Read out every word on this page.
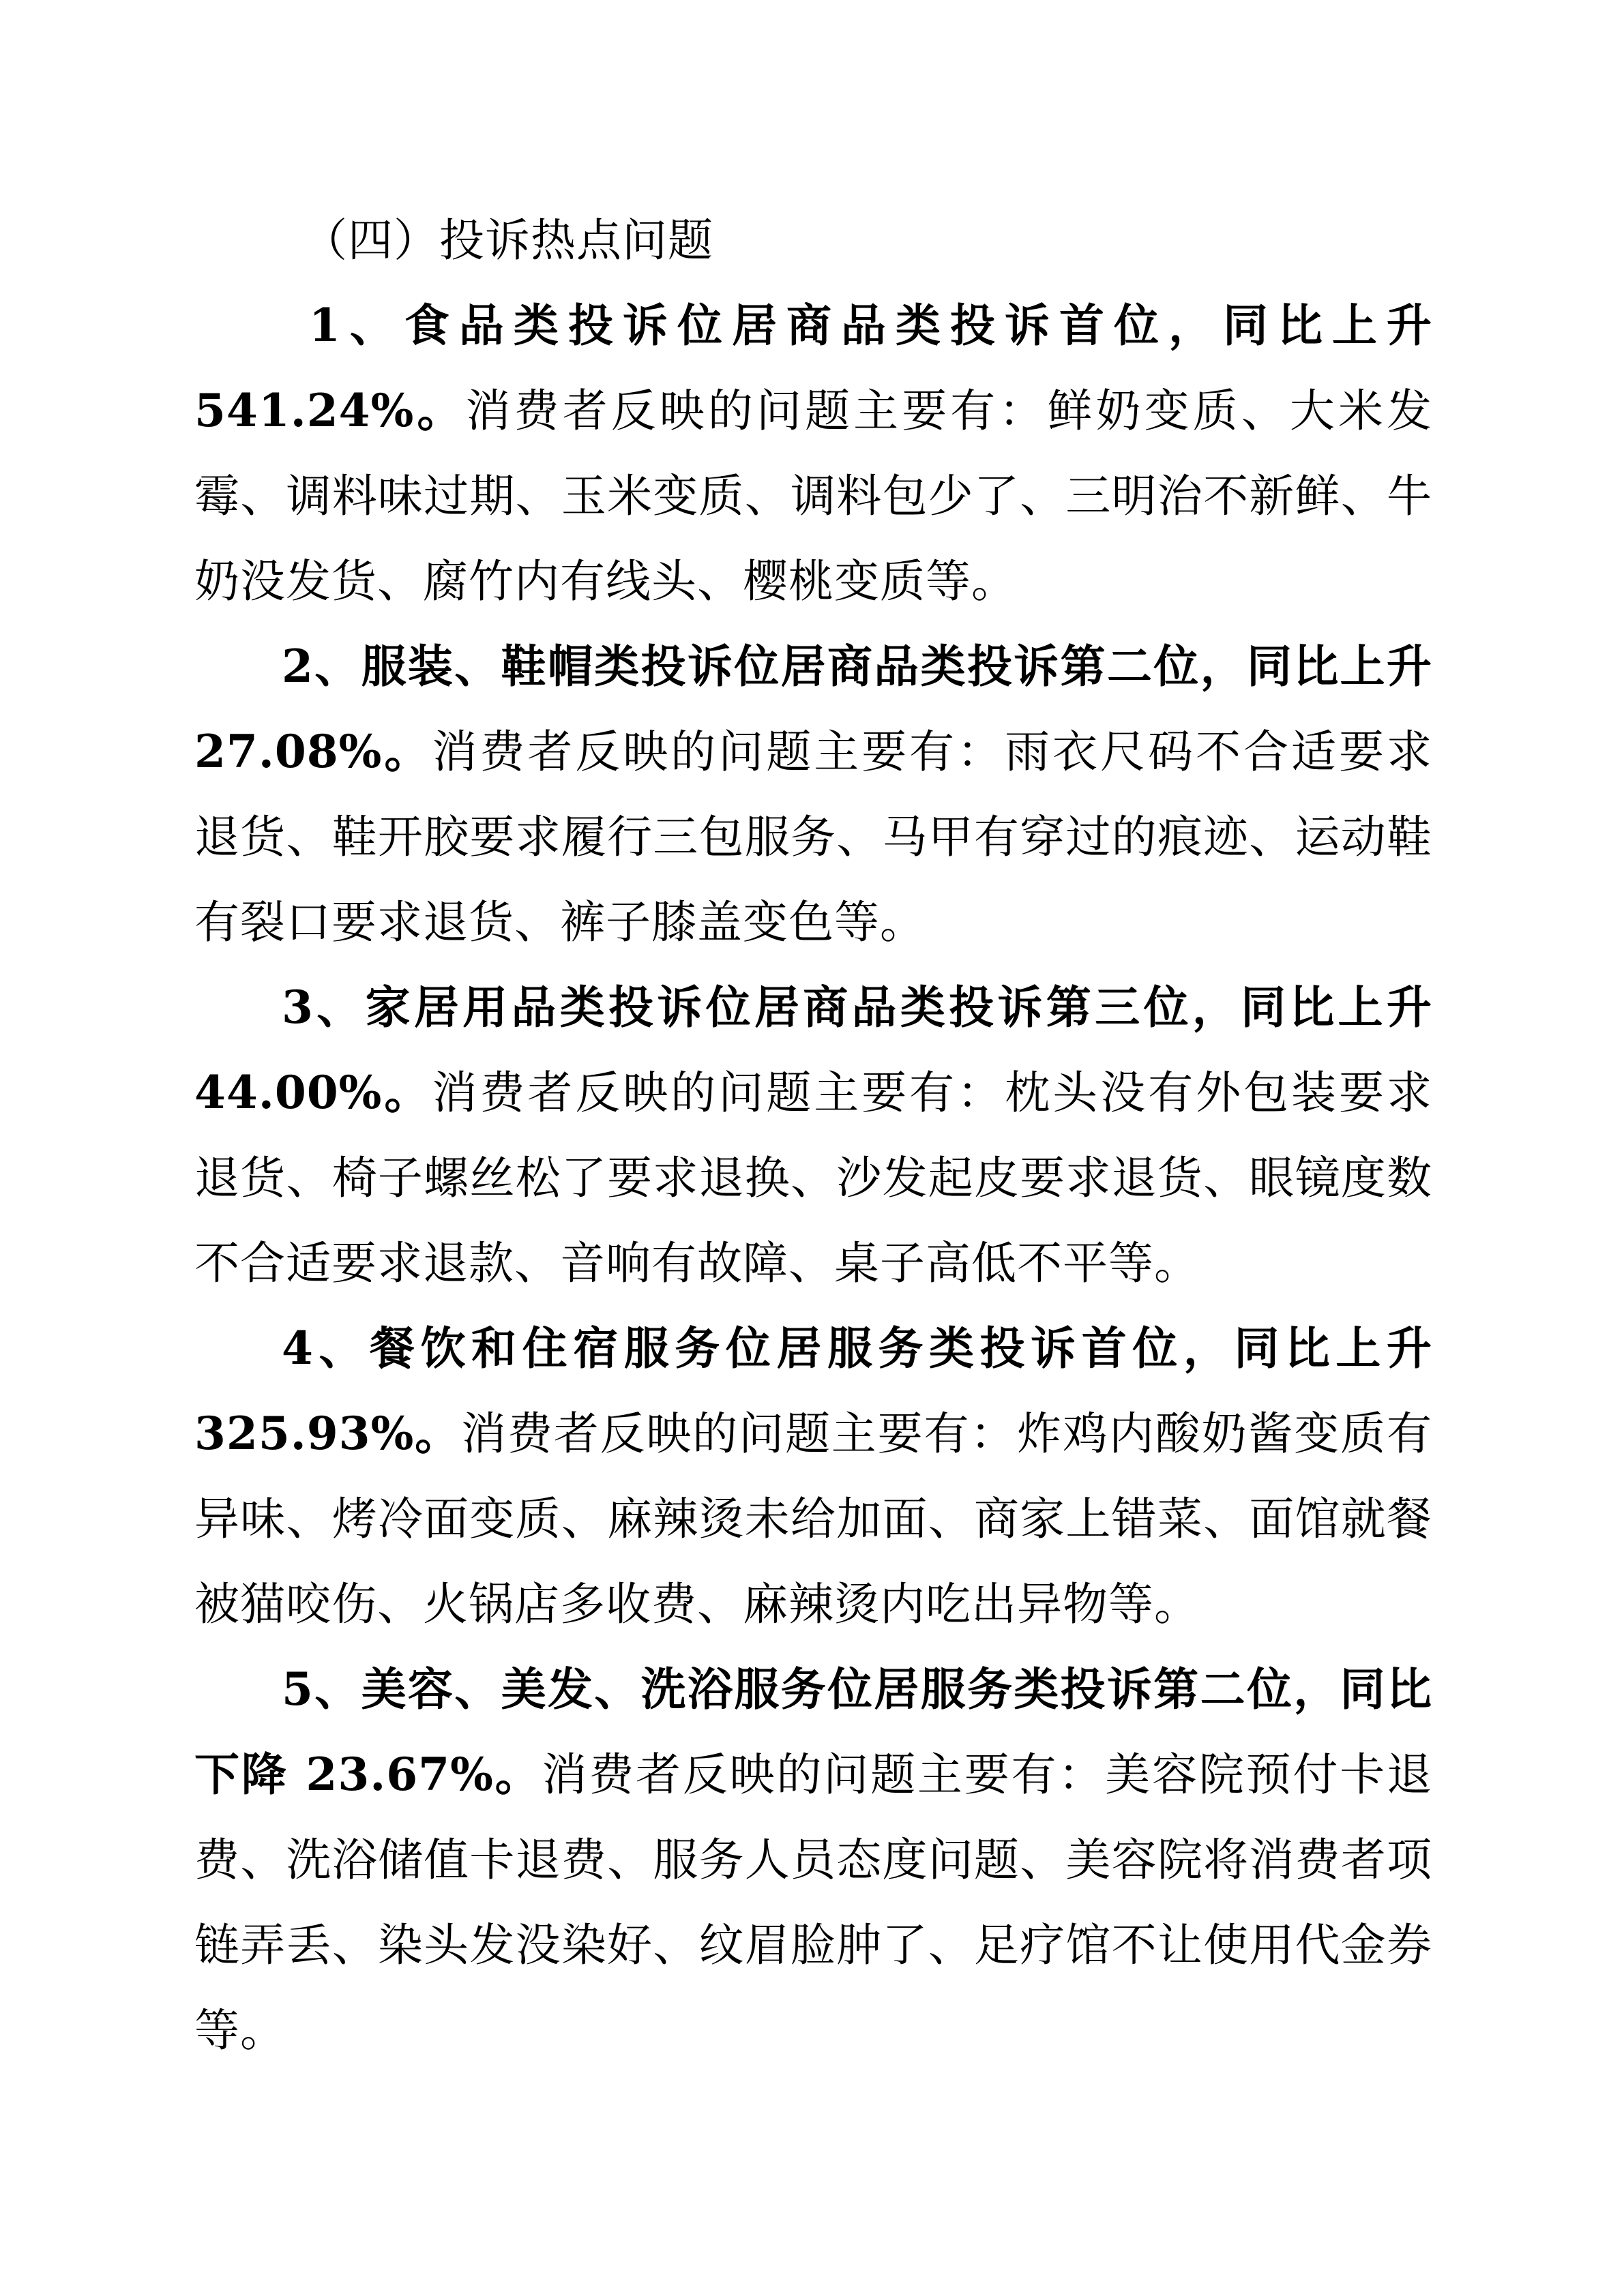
（四）投诉热点问题

1、食品类投诉位居商品类投诉首位，同比上升 541.24%。消费者反映的问题主要有：鲜奶变质、大米发霉、调料味过期、玉米变质、调料包少了、三明治不新鲜、牛奶没发货、腐竹内有线头、樱桃变质等。

2、服装、鞋帽类投诉位居商品类投诉第二位，同比上升 27.08%。消费者反映的问题主要有：雨衣尺码不合适要求退货、鞋开胶要求履行三包服务、马甲有穿过的痕迹、运动鞋有裂口要求退货、裤子膝盖变色等。

3、家居用品类投诉位居商品类投诉第三位，同比上升 44.00%。消费者反映的问题主要有：枕头没有外包装要求退货、椅子螺丝松了要求退换、沙发起皮要求退货、眼镜度数不合适要求退款、音响有故障、桌子高低不平等。

4、餐饮和住宿服务位居服务类投诉首位，同比上升 325.93%。消费者反映的问题主要有：炸鸡内酸奶酱变质有异味、烤冷面变质、麻辣烫未给加面、商家上错菜、面馆就餐被猫咬伤、火锅店多收费、麻辣烫内吃出异物等。

5、美容、美发、洗浴服务位居服务类投诉第二位，同比下降 23.67%。消费者反映的问题主要有：美容院预付卡退费、洗浴储值卡退费、服务人员态度问题、美容院将消费者项链弄丢、染头发没染好、纹眉脸肿了、足疗馆不让使用代金券等。
